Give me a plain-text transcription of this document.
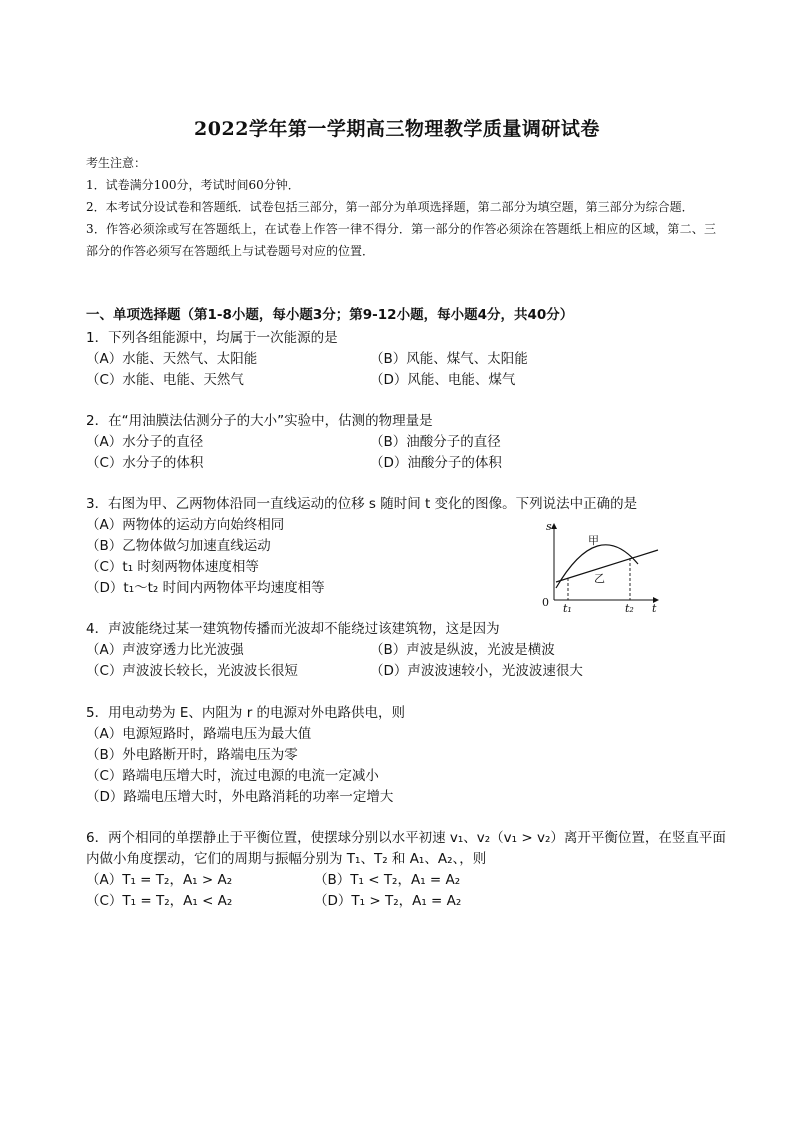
2022学年第一学期高三物理教学质量调研试卷
考生注意：
1．试卷满分100分，考试时间60分钟．
2．本考试分设试卷和答题纸．试卷包括三部分，第一部分为单项选择题，第二部分为填空题，第三部分为综合题．
3．作答必须涂或写在答题纸上，在试卷上作答一律不得分．第一部分的作答必须涂在答题纸上相应的区域，第二、三部分的作答必须写在答题纸上与试卷题号对应的位置．
一、单项选择题（第1-8小题，每小题3分；第9-12小题，每小题4分，共40分）
1．下列各组能源中，均属于一次能源的是
（A）水能、天然气、太阳能	（B）风能、煤气、太阳能
（C）水能、电能、天然气	（D）风能、电能、煤气
2．在“用油膜法估测分子的大小”实验中，估测的物理量是
（A）水分子的直径	（B）油酸分子的直径
（C）水分子的体积	（D）油酸分子的体积
3．右图为甲、乙两物体沿同一直线运动的位移 s 随时间 t 变化的图像。下列说法中正确的是
（A）两物体的运动方向始终相同
（B）乙物体做匀加速直线运动
（C）t₁ 时刻两物体速度相等
（D）t₁～t₂ 时间内两物体平均速度相等
s
t
0
甲
乙
t₁	t₂
4．声波能绕过某一建筑物传播而光波却不能绕过该建筑物，这是因为
（A）声波穿透力比光波强	（B）声波是纵波，光波是横波
（C）声波波长较长，光波波长很短	（D）声波波速较小，光波波速很大
5．用电动势为 E、内阻为 r 的电源对外电路供电，则
（A）电源短路时，路端电压为最大值
（B）外电路断开时，路端电压为零
（C）路端电压增大时，流过电源的电流一定减小
（D）路端电压增大时，外电路消耗的功率一定增大
6．两个相同的单摆静止于平衡位置，使摆球分别以水平初速 v₁、v₂（v₁ > v₂）离开平衡位置，在竖直平面内做小角度摆动，它们的周期与振幅分别为 T₁、T₂ 和 A₁、A₂、，则
（A）T₁ = T₂，A₁ > A₂	（B）T₁ < T₂，A₁ = A₂
（C）T₁ = T₂，A₁ < A₂	（D）T₁ > T₂，A₁ = A₂
